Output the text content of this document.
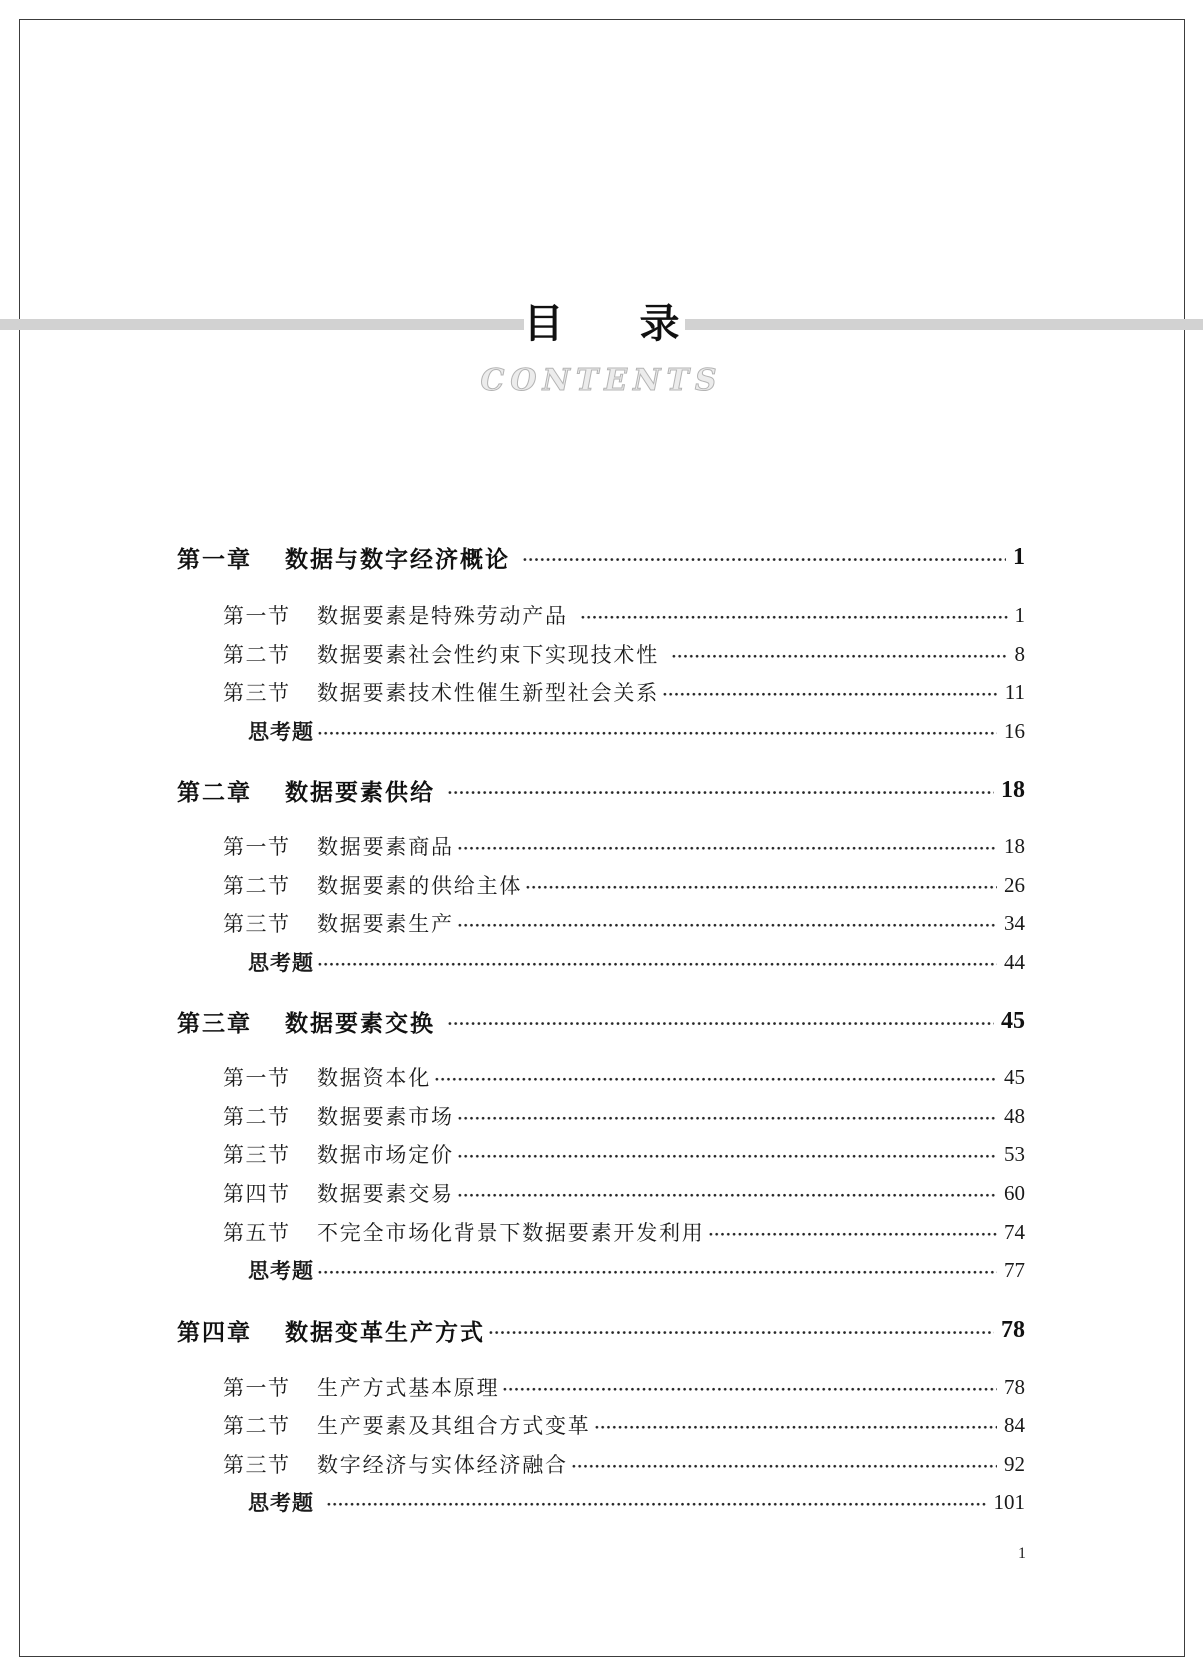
目 录
CONTENTS
第一章	数据与数字经济概论	1
第一节	数据要素是特殊劳动产品	1
第二节	数据要素社会性约束下实现技术性	8
第三节	数据要素技术性催生新型社会关系	11
思考题	16
第二章	数据要素供给	18
第一节	数据要素商品	18
第二节	数据要素的供给主体	26
第三节	数据要素生产	34
思考题	44
第三章	数据要素交换	45
第一节	数据资本化	45
第二节	数据要素市场	48
第三节	数据市场定价	53
第四节	数据要素交易	60
第五节	不完全市场化背景下数据要素开发利用	74
思考题	77
第四章	数据变革生产方式	78
第一节	生产方式基本原理	78
第二节	生产要素及其组合方式变革	84
第三节	数字经济与实体经济融合	92
思考题	101
1
